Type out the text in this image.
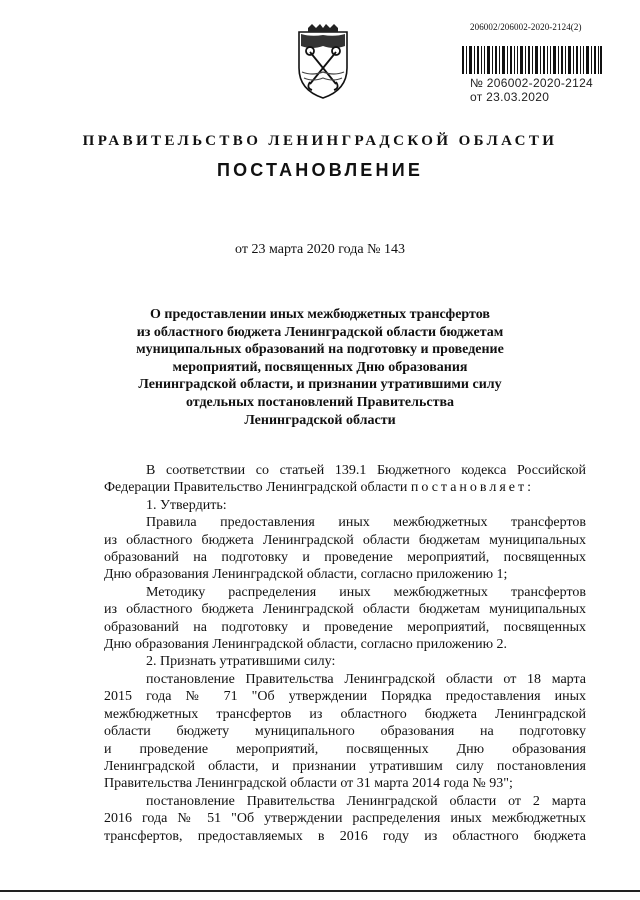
206002/206002-2020-2124(2)
№ 206002-2020-2124
от 23.03.2020
ПРАВИТЕЛЬСТВО ЛЕНИНГРАДСКОЙ ОБЛАСТИ
ПОСТАНОВЛЕНИЕ
от 23 марта 2020 года № 143
О предоставлении иных межбюджетных трансфертов
из областного бюджета Ленинградской области бюджетам
муниципальных образований на подготовку и проведение
мероприятий, посвященных Дню образования
Ленинградской области, и признании утратившими силу
отдельных постановлений Правительства
Ленинградской области
В соответствии со статьей 139.1 Бюджетного кодекса Российской
Федерации Правительство Ленинградской области постановляет:
1. Утвердить:
Правила предоставления иных межбюджетных трансфертов
из областного бюджета Ленинградской области бюджетам муниципальных
образований на подготовку и проведение мероприятий, посвященных
Дню образования Ленинградской области, согласно приложению 1;
Методику распределения иных межбюджетных трансфертов
из областного бюджета Ленинградской области бюджетам муниципальных
образований на подготовку и проведение мероприятий, посвященных
Дню образования Ленинградской области, согласно приложению 2.
2. Признать утратившими силу:
постановление Правительства Ленинградской области от 18 марта
2015 года № 71 "Об утверждении Порядка предоставления иных
межбюджетных трансфертов из областного бюджета Ленинградской
области бюджету муниципального образования на подготовку
и проведение мероприятий, посвященных Дню образования
Ленинградской области, и признании утратившим силу постановления
Правительства Ленинградской области от 31 марта 2014 года № 93";
постановление Правительства Ленинградской области от 2 марта
2016 года № 51 "Об утверждении распределения иных межбюджетных
трансфертов, предоставляемых в 2016 году из областного бюджета
